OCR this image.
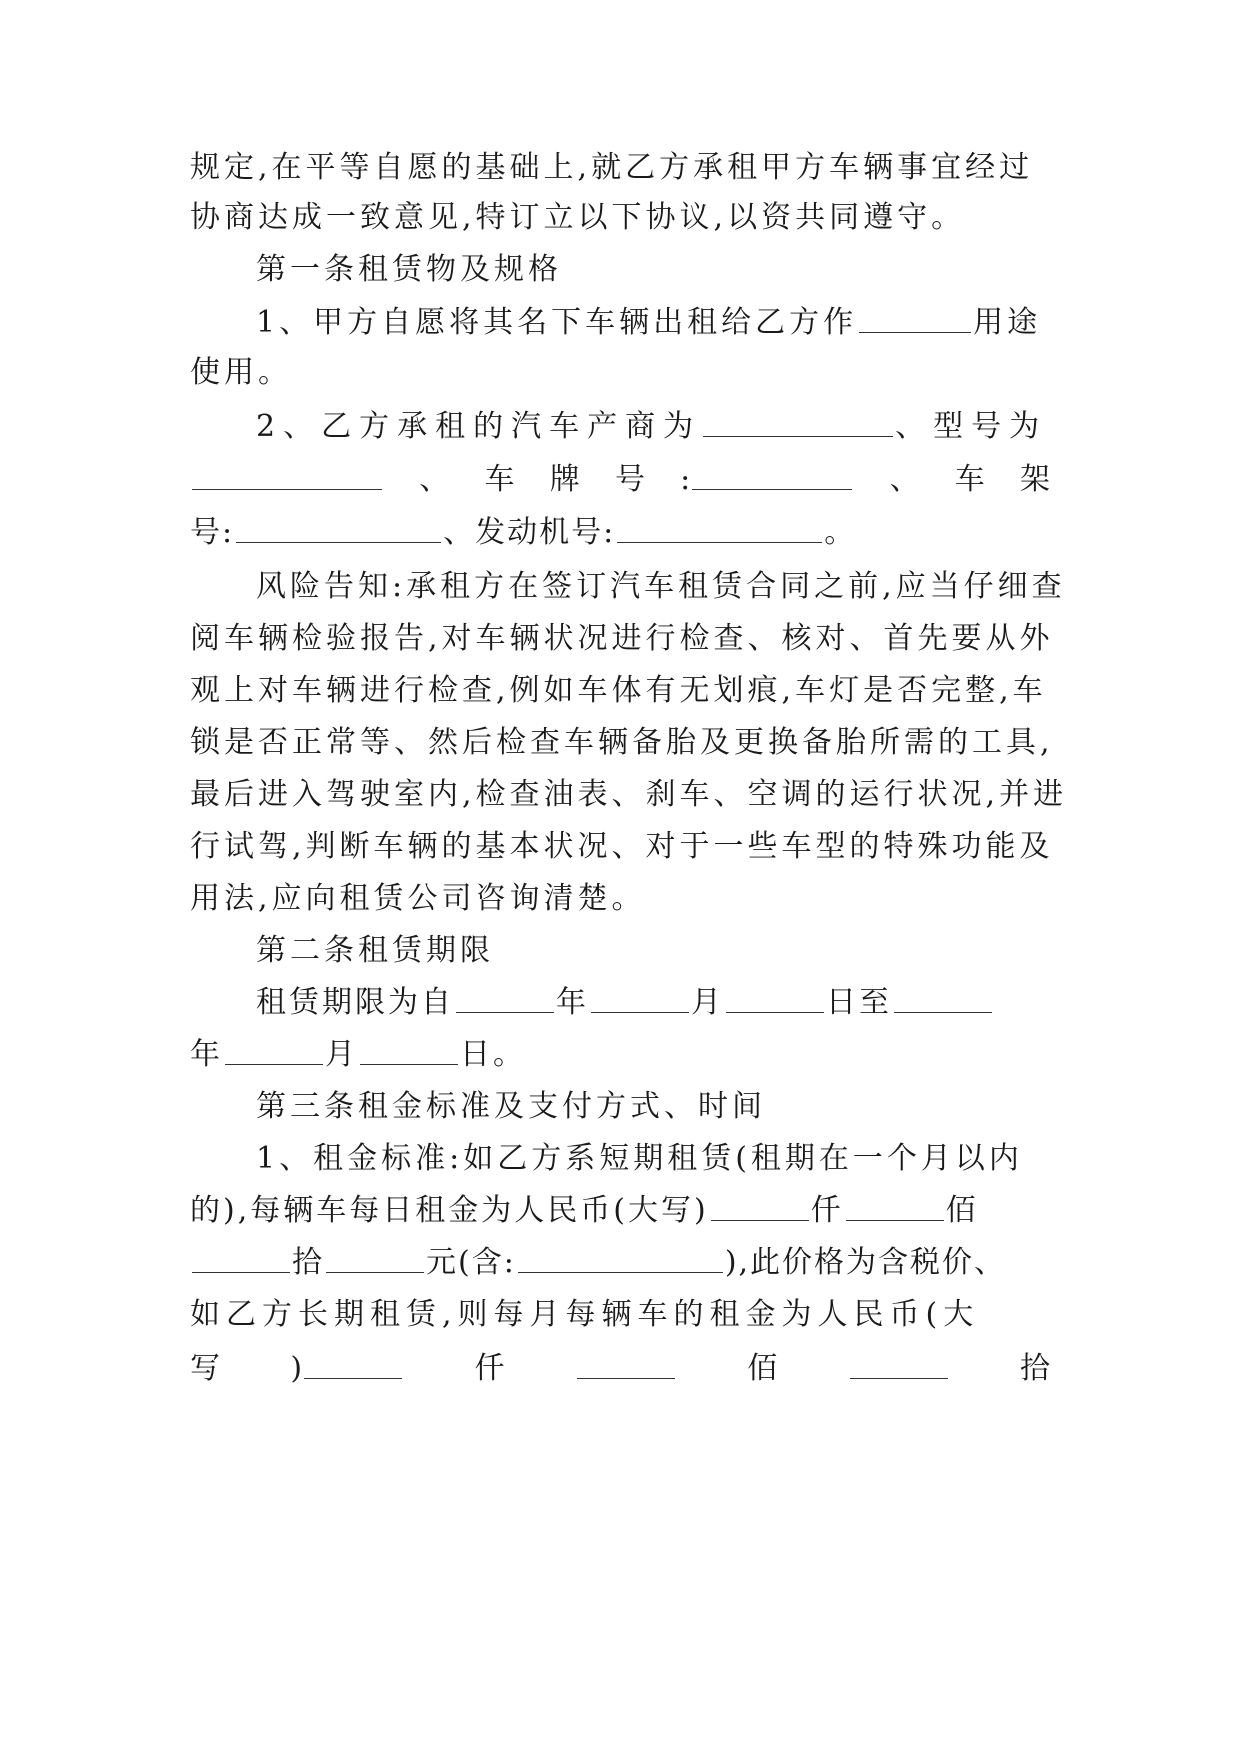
规定,在平等自愿的基础上,就乙方承租甲方车辆事宜经过
协商达成一致意见,特订立以下协议,以资共同遵守。
第一条租赁物及规格
1、甲方自愿将其名下车辆出租给乙方作	用途
使用。
2、乙方承租的汽车产商为	、型号为
、 车 牌 号 :	、 车 架
号:	、发动机号:	。
风险告知:承租方在签订汽车租赁合同之前,应当仔细查
阅车辆检验报告,对车辆状况进行检查、核对、首先要从外
观上对车辆进行检查,例如车体有无划痕,车灯是否完整,车
锁是否正常等、然后检查车辆备胎及更换备胎所需的工具,
最后进入驾驶室内,检查油表、刹车、空调的运行状况,并进
行试驾,判断车辆的基本状况、对于一些车型的特殊功能及
用法,应向租赁公司咨询清楚。
第二条租赁期限
租赁期限为自	年	月	日至
年	月	日。
第三条租金标准及支付方式、时间
1、租金标准:如乙方系短期租赁(租期在一个月以内
的),每辆车每日租金为人民币(大写)	仟	佰
拾	元(含:	),此价格为含税价、
如乙方长期租赁,则每月每辆车的租金为人民币(大
写 )	仟	佰	拾
